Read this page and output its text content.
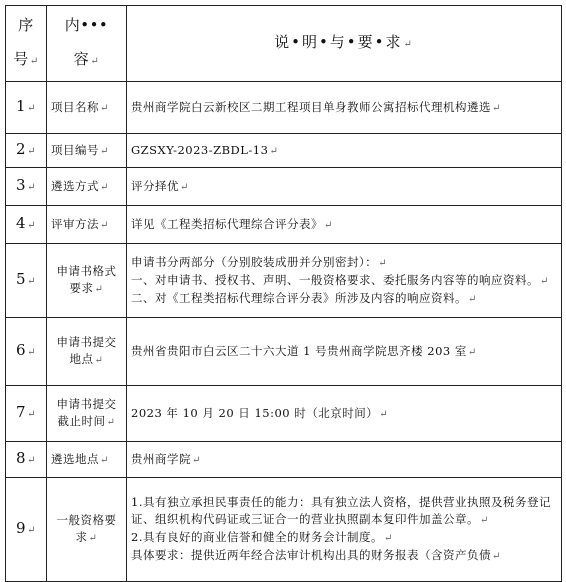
序
号↵	内•••
容↵	说•明•与•要•求↵
1↵	项目名称↵	贵州商学院白云新校区二期工程项目单身教师公寓招标代理机构遴选↵

2↵	项目编号↵	GZSXY-2023-ZBDL-13↵

3↵	遴选方式↵	评分择优↵

4↵	评审方法↵	详见《工程类招标代理综合评分表》↵

5↵	申请书格式要求↵	申请书分两部分（分别胶装成册并分别密封）：↵
一、对申请书、授权书、声明、一般资格要求、委托服务内容等的响应资料。↵
二、对《工程类招标代理综合评分表》所涉及内容的响应资料。↵

6↵	申请书提交地点↵	贵州省贵阳市白云区二十六大道 1 号贵州商学院思齐楼 203 室↵

7↵	申请书提交截止时间↵	2023 年 10 月 20 日 15:00 时（北京时间）↵

8↵	遴选地点↵	贵州商学院↵

9↵	一般资格要求↵	1.具有独立承担民事责任的能力：具有独立法人资格，提供营业执照及税务登记证、组织机构代码证或三证合一的营业执照副本复印件加盖公章。↵
2.具有良好的商业信誉和健全的财务会计制度。↵
具体要求：提供近两年经合法审计机构出具的财务报表（含资产负债↵
